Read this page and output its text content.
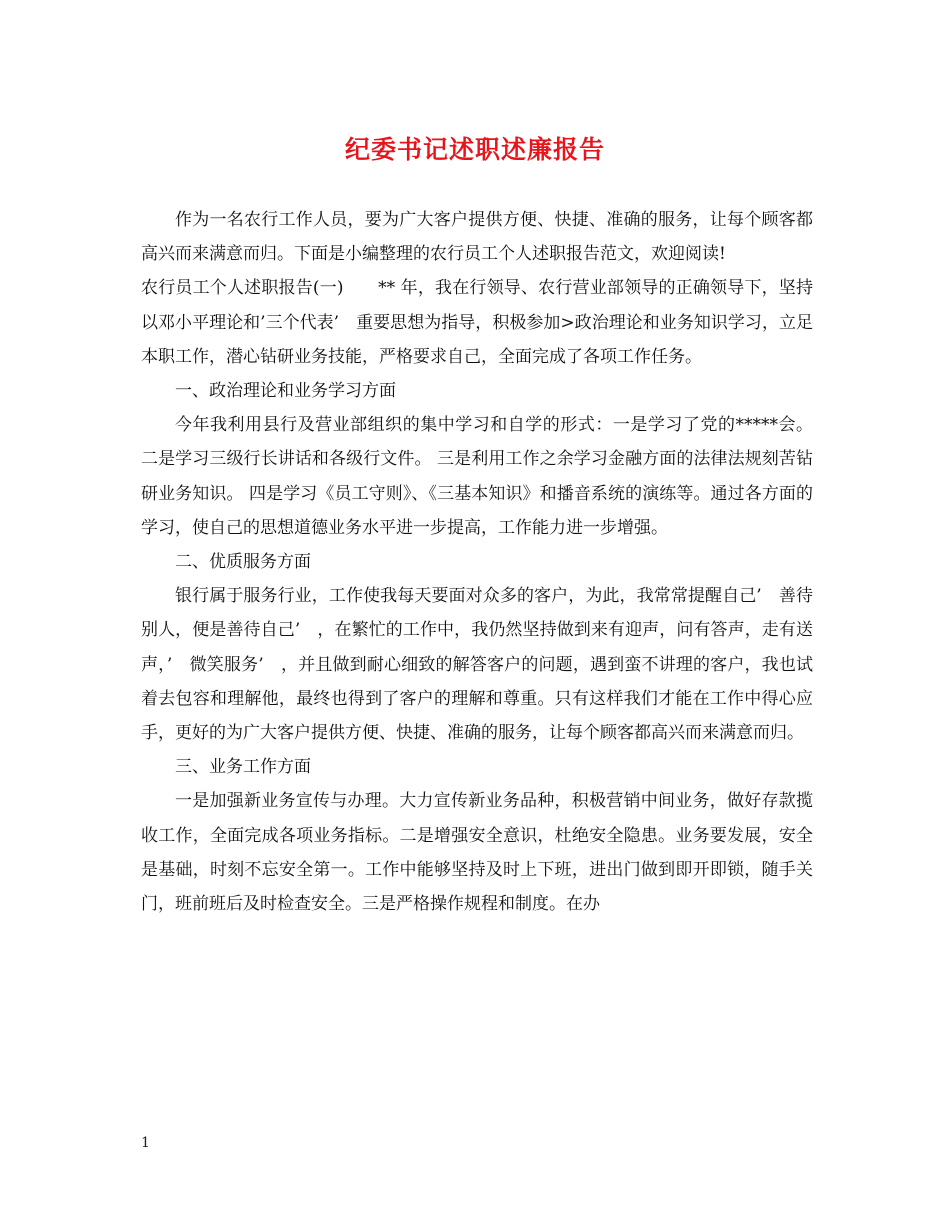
纪委书记述职述廉报告

作为一名农行工作人员，要为广大客户提供方便、快捷、准确的服务，让每个顾客都高兴而来满意而归。下面是小编整理的农行员工个人述职报告范文，欢迎阅读!

农行员工个人述职报告(一)　　** 年，我在行领导、农行营业部领导的正确领导下，坚持以邓小平理论和’三个代表’　重要思想为指导，积极参加>政治理论和业务知识学习，立足本职工作，潜心钻研业务技能，严格要求自己，全面完成了各项工作任务。

一、政治理论和业务学习方面

今年我利用县行及营业部组织的集中学习和自学的形式：一是学习了党的*****会。 二是学习三级行长讲话和各级行文件。 三是利用工作之余学习金融方面的法律法规刻苦钻研业务知识。 四是学习《员工守则》、《三基本知识》和播音系统的演练等。通过各方面的学习，使自己的思想道德业务水平进一步提高，工作能力进一步增强。

二、优质服务方面

银行属于服务行业，工作使我每天要面对众多的客户，为此，我常常提醒自己’　善待别人，便是善待自己’　，在繁忙的工作中，我仍然坚持做到来有迎声，问有答声，走有送声，’　微笑服务’　，并且做到耐心细致的解答客户的问题，遇到蛮不讲理的客户，我也试着去包容和理解他，最终也得到了客户的理解和尊重。只有这样我们才能在工作中得心应手，更好的为广大客户提供方便、快捷、准确的服务，让每个顾客都高兴而来满意而归。

三、业务工作方面

一是加强新业务宣传与办理。大力宣传新业务品种，积极营销中间业务，做好存款揽收工作，全面完成各项业务指标。二是增强安全意识，杜绝安全隐患。业务要发展，安全是基础，时刻不忘安全第一。工作中能够坚持及时上下班，进出门做到即开即锁，随手关门，班前班后及时检查安全。三是严格操作规程和制度。在办

1
